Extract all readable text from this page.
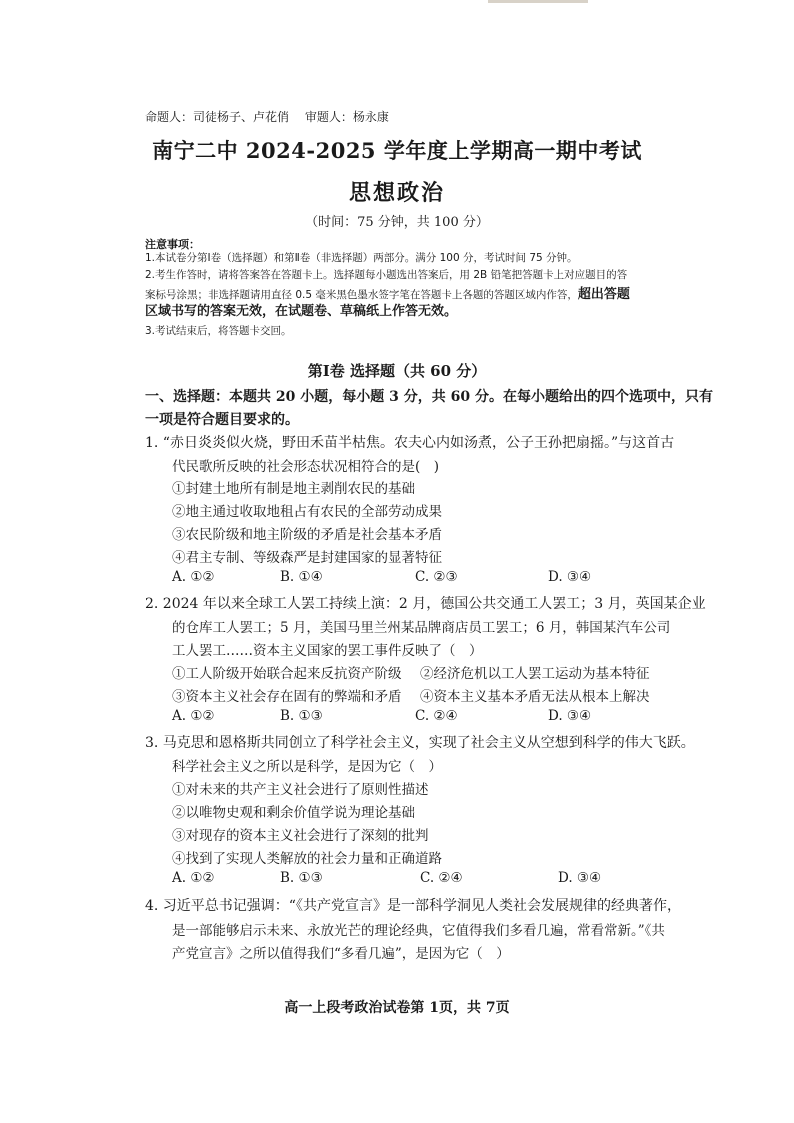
命题人：司徒杨子、卢花俏　 审题人：杨永康
南宁二中 2024-2025 学年度上学期高一期中考试
思想政治
（时间：75 分钟，共 100 分）
注意事项：
1.本试卷分第Ⅰ卷（选择题）和第Ⅱ卷（非选择题）两部分。满分 100 分，考试时间 75 分钟。
2.考生作答时，请将答案答在答题卡上。选择题每小题选出答案后，用 2B 铅笔把答题卡上对应题目的答
案标号涂黑；非选择题请用直径 0.5 毫米黑色墨水签字笔在答题卡上各题的答题区域内作答，超出答题
区域书写的答案无效，在试题卷、草稿纸上作答无效。
3.考试结束后，将答题卡交回。
第Ⅰ卷 选择题（共 60 分）
一、选择题：本题共 20 小题，每小题 3 分，共 60 分。在每小题给出的四个选项中，只有
一项是符合题目要求的。
1. “赤日炎炎似火烧，野田禾苗半枯焦。农夫心内如汤煮，公子王孙把扇摇。”与这首古
代民歌所反映的社会形态状况相符合的是(　)
①封建土地所有制是地主剥削农民的基础
②地主通过收取地租占有农民的全部劳动成果
③农民阶级和地主阶级的矛盾是社会基本矛盾
④君主专制、等级森严是封建国家的显著特征
A. ①②	B. ①④	C. ②③	D. ③④
2. 2024 年以来全球工人罢工持续上演：2 月，德国公共交通工人罢工；3 月，英国某企业
的仓库工人罢工；5 月，美国马里兰州某品牌商店员工罢工；6 月，韩国某汽车公司
工人罢工……资本主义国家的罢工事件反映了（　）
①工人阶级开始联合起来反抗资产阶级 ②经济危机以工人罢工运动为基本特征
③资本主义社会存在固有的弊端和矛盾 ④资本主义基本矛盾无法从根本上解决
A. ①②	B. ①③	C. ②④	D. ③④
3. 马克思和恩格斯共同创立了科学社会主义，实现了社会主义从空想到科学的伟大飞跃。
科学社会主义之所以是科学，是因为它（　）
①对未来的共产主义社会进行了原则性描述
②以唯物史观和剩余价值学说为理论基础
③对现存的资本主义社会进行了深刻的批判
④找到了实现人类解放的社会力量和正确道路
A. ①②	B. ①③	C. ②④	D. ③④
4. 习近平总书记强调：“《共产党宣言》是一部科学洞见人类社会发展规律的经典著作，
是一部能够启示未来、永放光芒的理论经典，它值得我们多看几遍，常看常新。”《共
产党宣言》之所以值得我们“多看几遍”，是因为它（　）
高一上段考政治试卷第 1页，共 7页
